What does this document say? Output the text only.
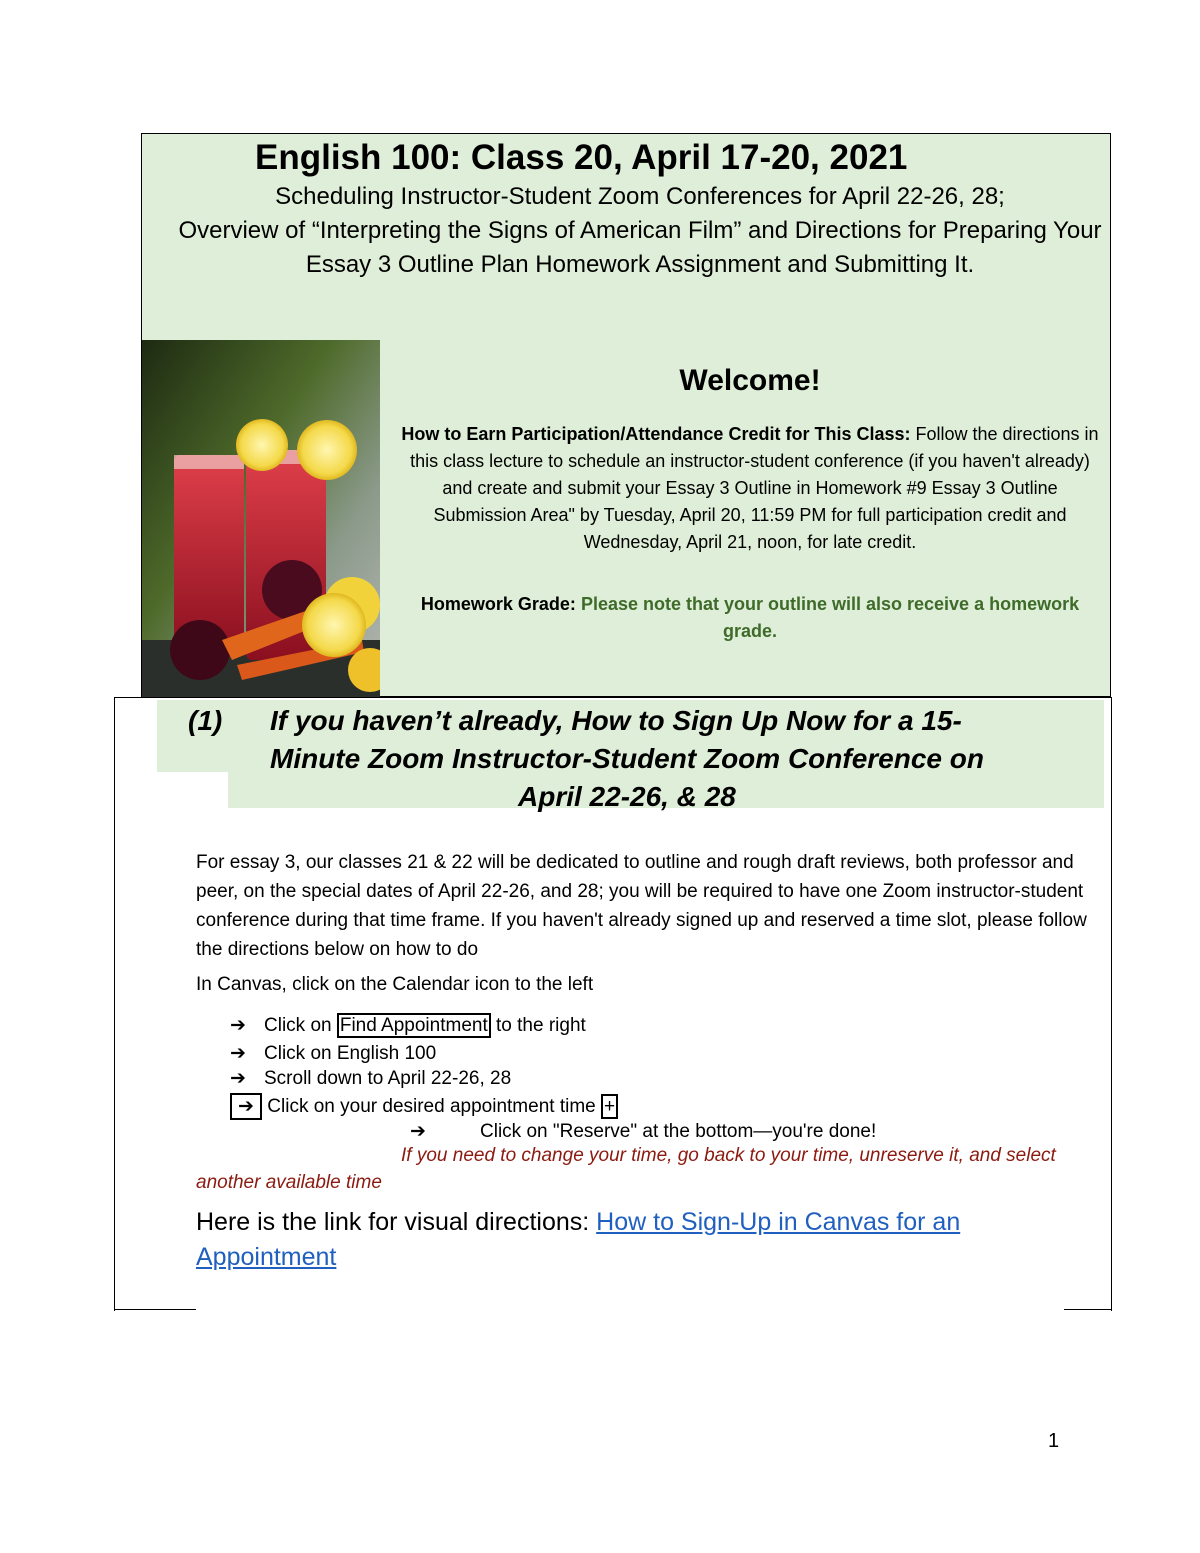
English 100: Class 20, April 17-20, 2021

Scheduling Instructor-Student Zoom Conferences for April 22-26, 28;
Overview of “Interpreting the Signs of American Film” and Directions for Preparing Your Essay 3 Outline Plan Homework Assignment and Submitting It.

Welcome!

How to Earn Participation/Attendance Credit for This Class: Follow the directions in this class lecture to schedule an instructor-student conference (if you haven't already) and create and submit your Essay 3 Outline in Homework #9 Essay 3 Outline Submission Area" by Tuesday, April 20, 11:59 PM for full participation credit and Wednesday, April 21, noon, for late credit.

Homework Grade: Please note that your outline will also receive a homework grade.

(1) If you haven’t already, How to Sign Up Now for a 15-
Minute Zoom Instructor-Student Zoom Conference on
April 22-26, & 28

For essay 3, our classes 21 & 22 will be dedicated to outline and rough draft reviews, both professor and peer, on the special dates of April 22-26, and 28; you will be required to have one Zoom instructor-student conference during that time frame. If you haven't already signed up and reserved a time slot, please follow the directions below on how to do

In Canvas, click on the Calendar icon to the left

➔ Click on Find Appointment to the right

➔ Click on English 100

➔ Scroll down to April 22-26, 28

➔ Click on your desired appointment time +

➔	Click on "Reserve" at the bottom—you're done!

If you need to change your time, go back to your time, unreserve it, and select another available time

Here is the link for visual directions: How to Sign-Up in Canvas for an Appointment

1
